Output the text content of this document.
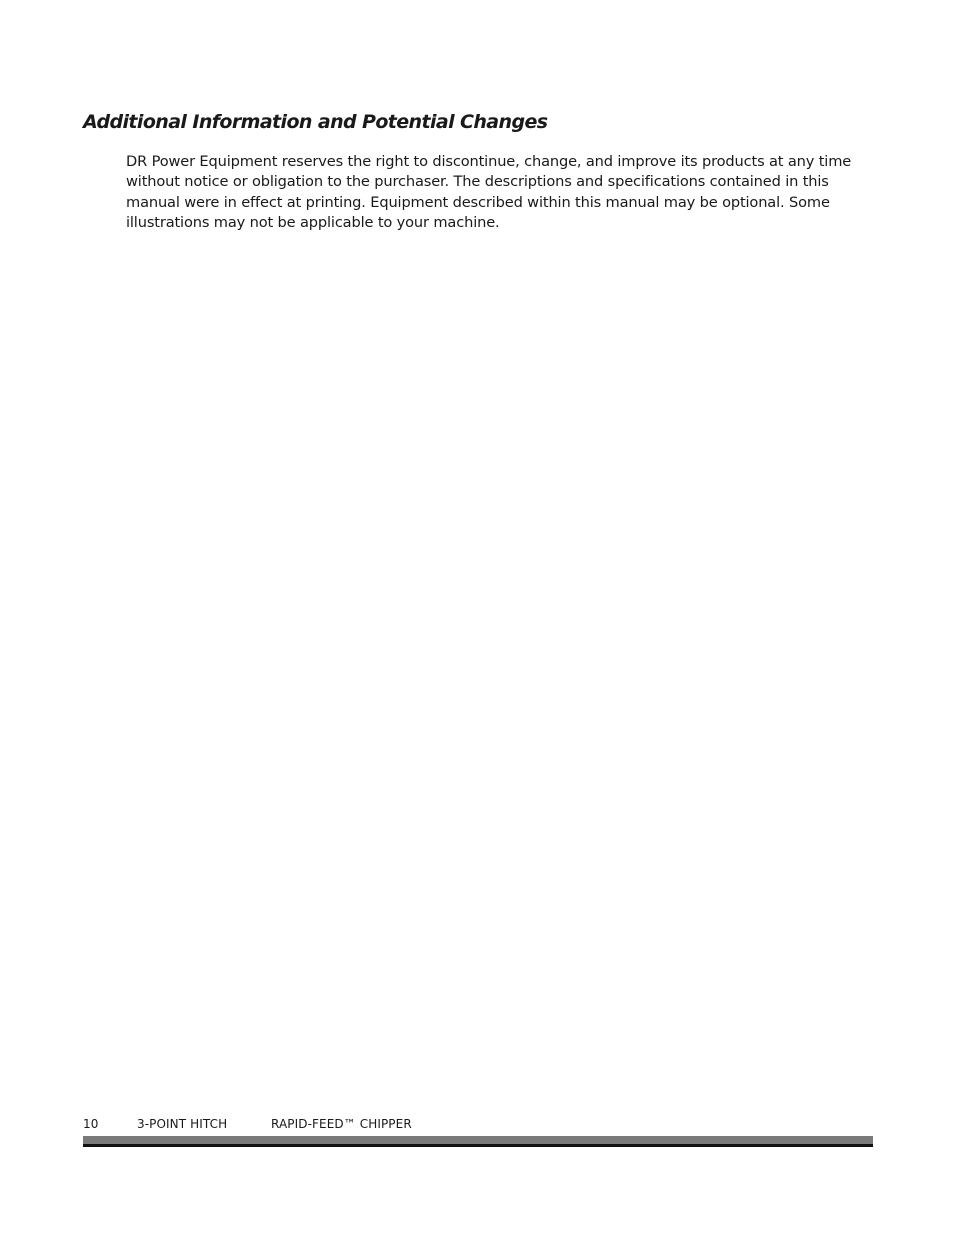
Additional Information and Potential Changes

DR Power Equipment reserves the right to discontinue, change, and improve its products at any time without notice or obligation to the purchaser. The descriptions and specifications contained in this manual were in effect at printing. Equipment described within this manual may be optional. Some illustrations may not be applicable to your machine.

10	3-POINT HITCH	RAPID-FEED™ CHIPPER
